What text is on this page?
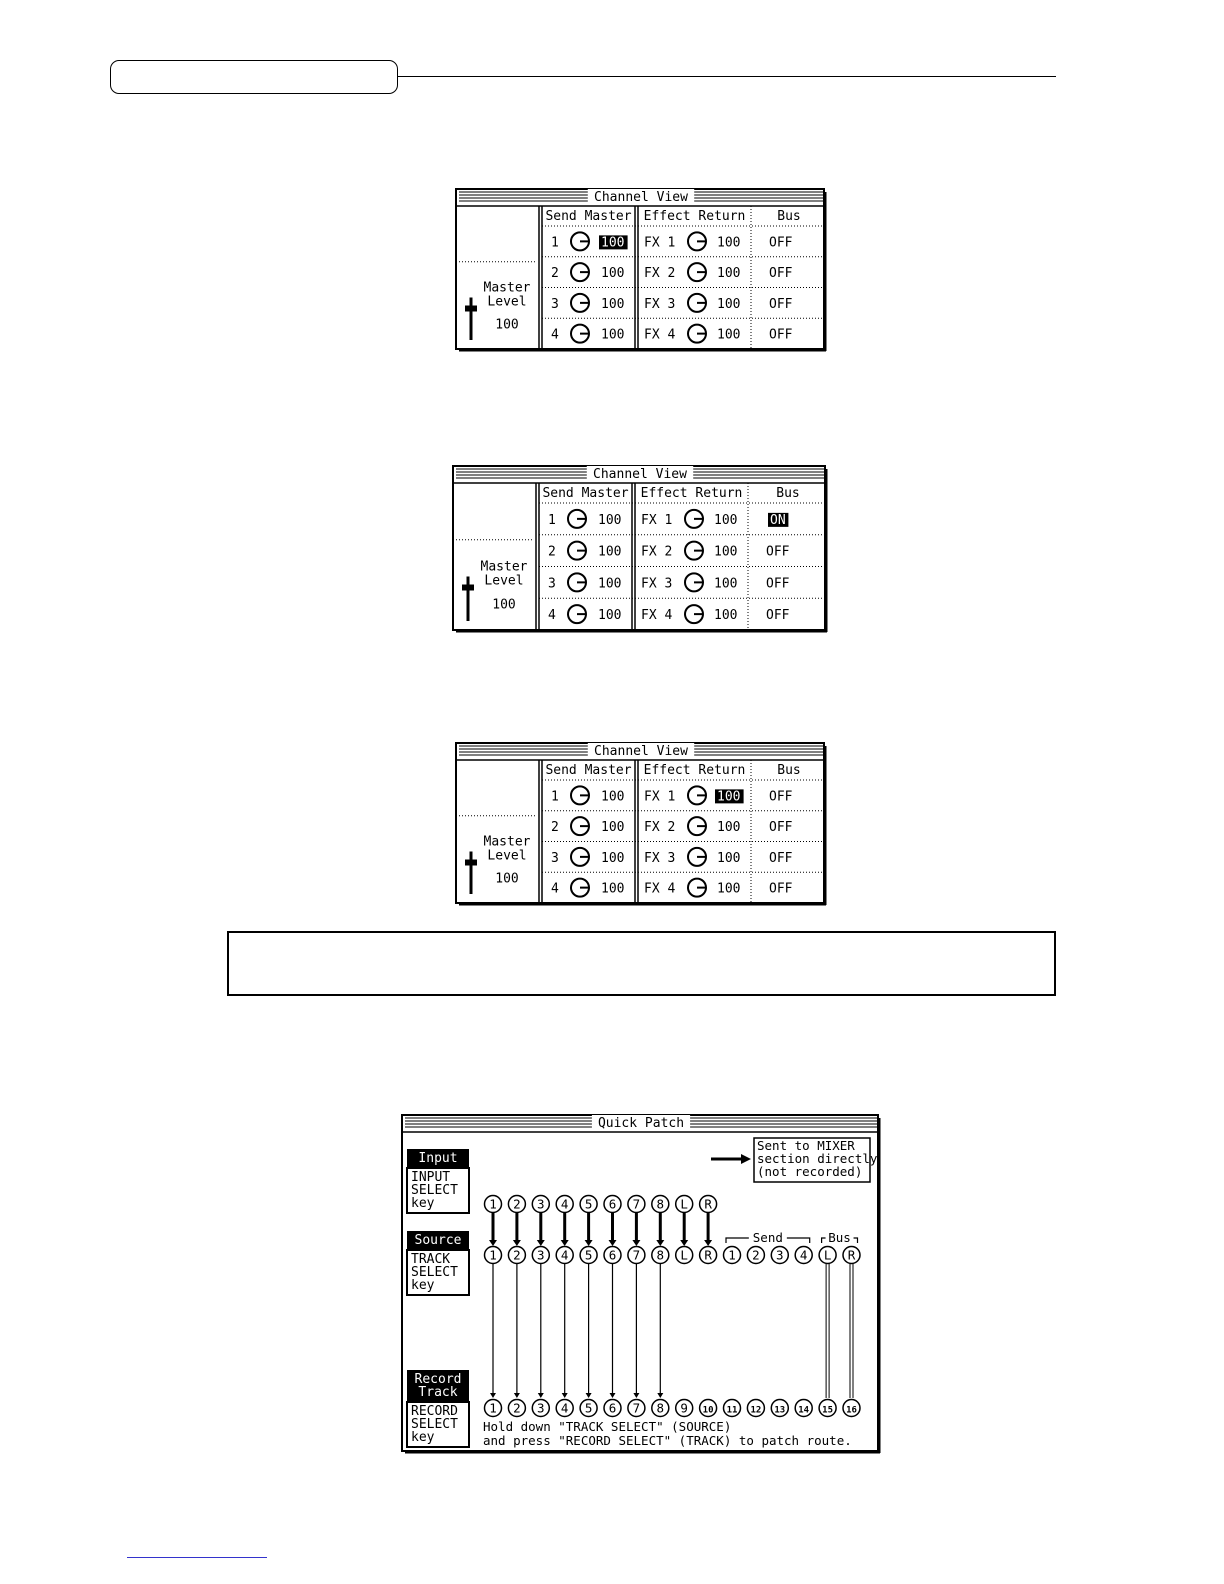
Channel View
Send Master Effect Return Bus
1	100 FX 1	100 OFF
2	100 FX 2	100 OFF
3	100 FX 3	100 OFF
4	100 FX 4	100 OFF
Master
Level
100
Channel View
Send Master Effect Return	Bus
1	100 FX 1	100	ON
2	100 FX 2	100 OFF
3	100 FX 3	100 OFF
4	100 FX 4	100 OFF
Master
Level
100
Channel View
Send Master Effect Return Bus
1	100 FX 1	100 OFF
2	100 FX 2	100 OFF
3	100 FX 3	100 OFF
4	100 FX 4	100 OFF
Master
Level
100
Quick Patch
Input
INPUT
SELECT
key
Source
TRACK
SELECT
key
Record
Track
RECORD
SELECT
key
Sent to MIXER
section directly
(not recorded)
1 2 3 4 5 6 7 8 L R
1 2 3 4 5 6 7 8 L R 1 2 3 4 L R
1 2 3 4 5 6 7 8 9 10 11 12 13 14 15 16
Send	Bus
Hold down "TRACK SELECT" (SOURCE)
and press "RECORD SELECT" (TRACK) to patch route.
